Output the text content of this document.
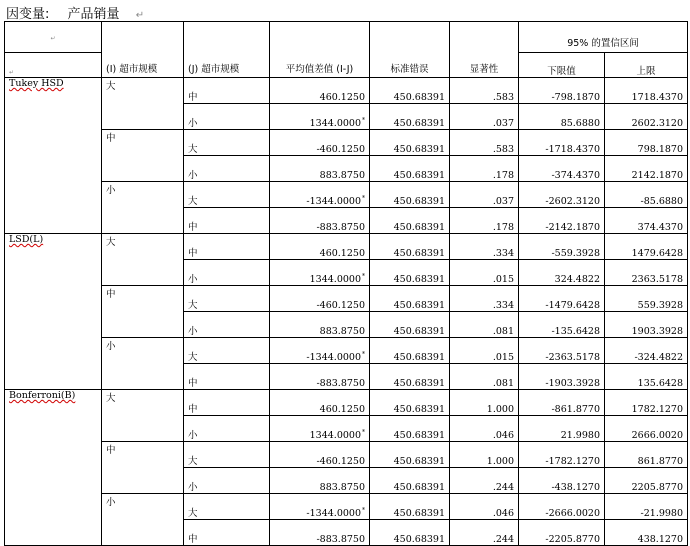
因变量: 产品销量 ↵
↵	(I) 超市规模	(J) 超市规模	平均值差值 (I-J)	标准错误	显著性	95% 的置信区间	
↵						下限值	上限
Tukey HSD	大	中	460.1250	450.68391	.583	-798.1870	1718.4370
		小	1344.0000*	450.68391	.037	85.6880	2602.3120
	中	大	-460.1250	450.68391	.583	-1718.4370	798.1870
		小	883.8750	450.68391	.178	-374.4370	2142.1870
	小	大	-1344.0000*	450.68391	.037	-2602.3120	-85.6880
		中	-883.8750	450.68391	.178	-2142.1870	374.4370
LSD(L)	大	中	460.1250	450.68391	.334	-559.3928	1479.6428
		小	1344.0000*	450.68391	.015	324.4822	2363.5178
	中	大	-460.1250	450.68391	.334	-1479.6428	559.3928
		小	883.8750	450.68391	.081	-135.6428	1903.3928
	小	大	-1344.0000*	450.68391	.015	-2363.5178	-324.4822
		中	-883.8750	450.68391	.081	-1903.3928	135.6428
Bonferroni(B)	大	中	460.1250	450.68391	1.000	-861.8770	1782.1270
		小	1344.0000*	450.68391	.046	21.9980	2666.0020
	中	大	-460.1250	450.68391	1.000	-1782.1270	861.8770
		小	883.8750	450.68391	.244	-438.1270	2205.8770
	小	大	-1344.0000*	450.68391	.046	-2666.0020	-21.9980
		中	-883.8750	450.68391	.244	-2205.8770	438.1270
